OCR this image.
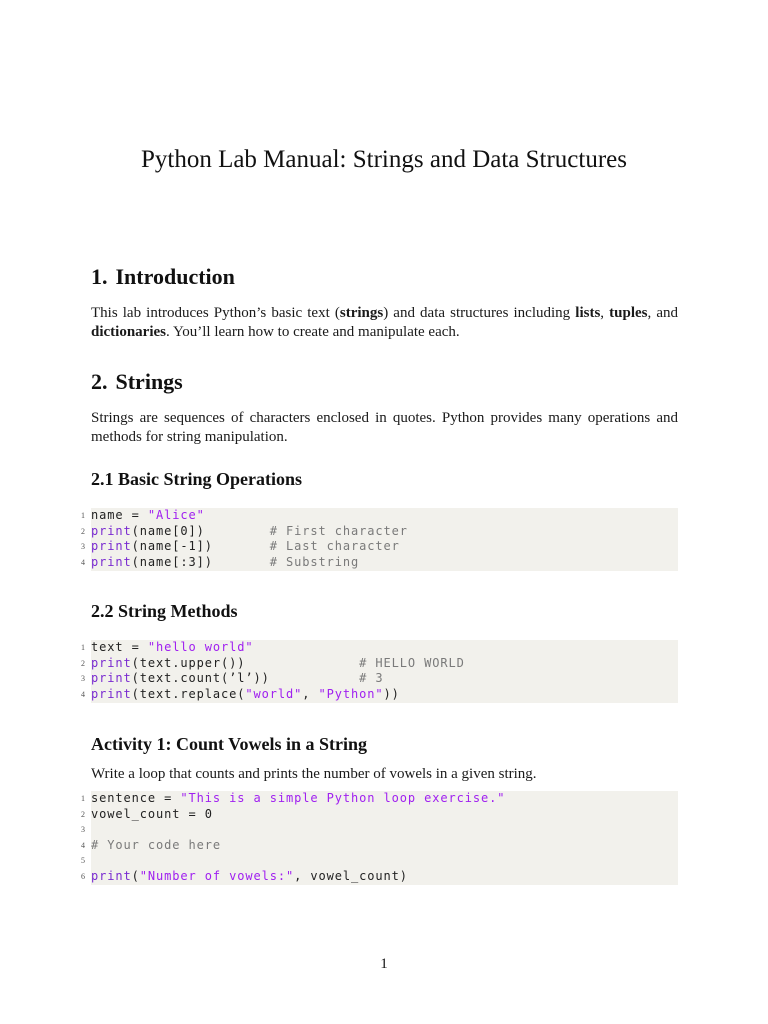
Python Lab Manual: Strings and Data Structures
1. Introduction

This lab introduces Python’s basic text (strings) and data structures including lists, tuples, and dictionaries. You’ll learn how to create and manipulate each.

2. Strings

Strings are sequences of characters enclosed in quotes. Python provides many operations and methods for string manipulation.

2.1 Basic String Operations
1 name = "Alice"
2 print(name[0])        # First character
3 print(name[-1])       # Last character
4 print(name[:3])       # Substring
2.2 String Methods
1 text = "hello world"
2 print(text.upper())              # HELLO WORLD
3 print(text.count(’l’))           # 3
4 print(text.replace("world", "Python"))
Activity 1: Count Vowels in a String

Write a loop that counts and prints the number of vowels in a given string.

1 sentence = "This is a simple Python loop exercise."
2 vowel_count = 0
3
4 # Your code here
5
6 print("Number of vowels:", vowel_count)
1
